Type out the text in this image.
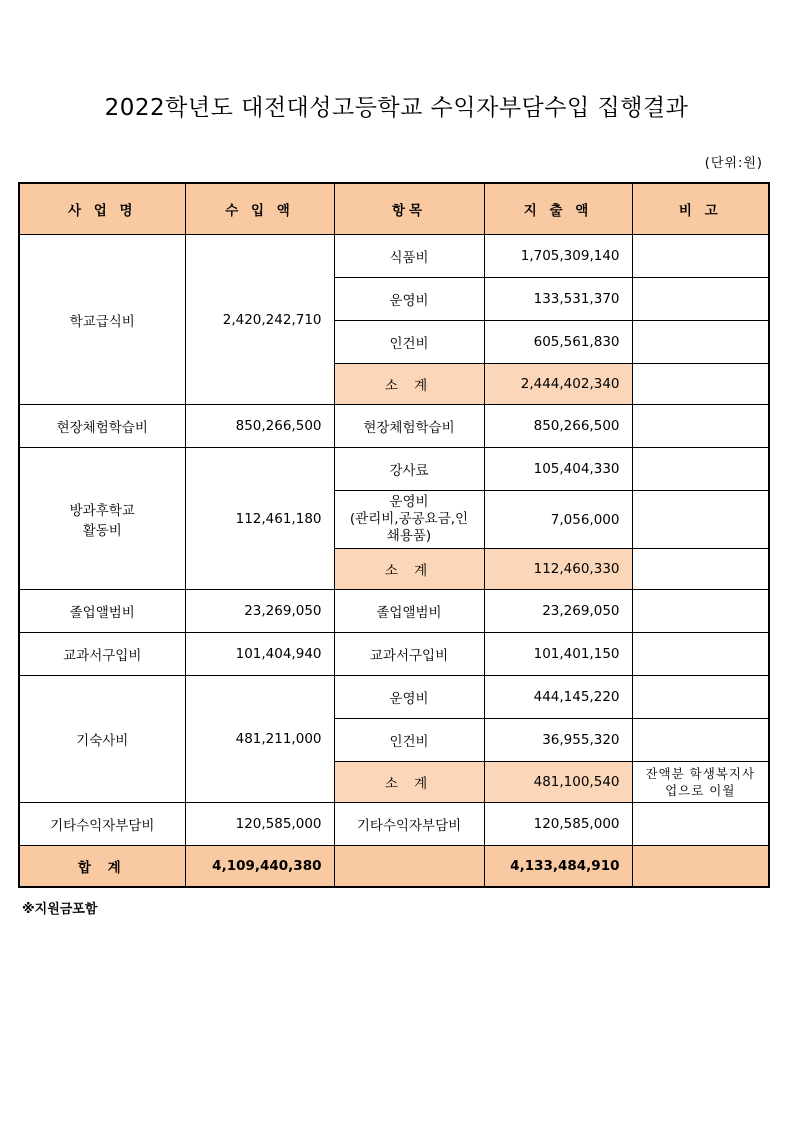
2022학년도 대전대성고등학교 수익자부담수입 집행결과
(단위:원)
사 업 명	수 입 액	항목	지 출 액	비 고
학교급식비	2,420,242,710	식품비	1,705,309,140	
		운영비	133,531,370	
		인건비	605,561,830	
		소 계	2,444,402,340	
현장체험학습비	850,266,500	현장체험학습비	850,266,500	

방과후학교
활동비	112,461,180	강사료	105,404,330	

		운영비
(관리비,공공요금,인
쇄용품)	7,056,000	
		소 계	112,460,330	
졸업앨범비	23,269,050	졸업앨범비	23,269,050	
교과서구입비	101,404,940	교과서구입비	101,401,150	
기숙사비	481,211,000	운영비	444,145,220	
		인건비	36,955,320	
		소 계	481,100,540	잔액분 학생복지사
업으로 이월

기타수익자부담비	120,585,000	기타수익자부담비	120,585,000	
합 계	4,109,440,380		4,133,484,910	
※지원금포함
